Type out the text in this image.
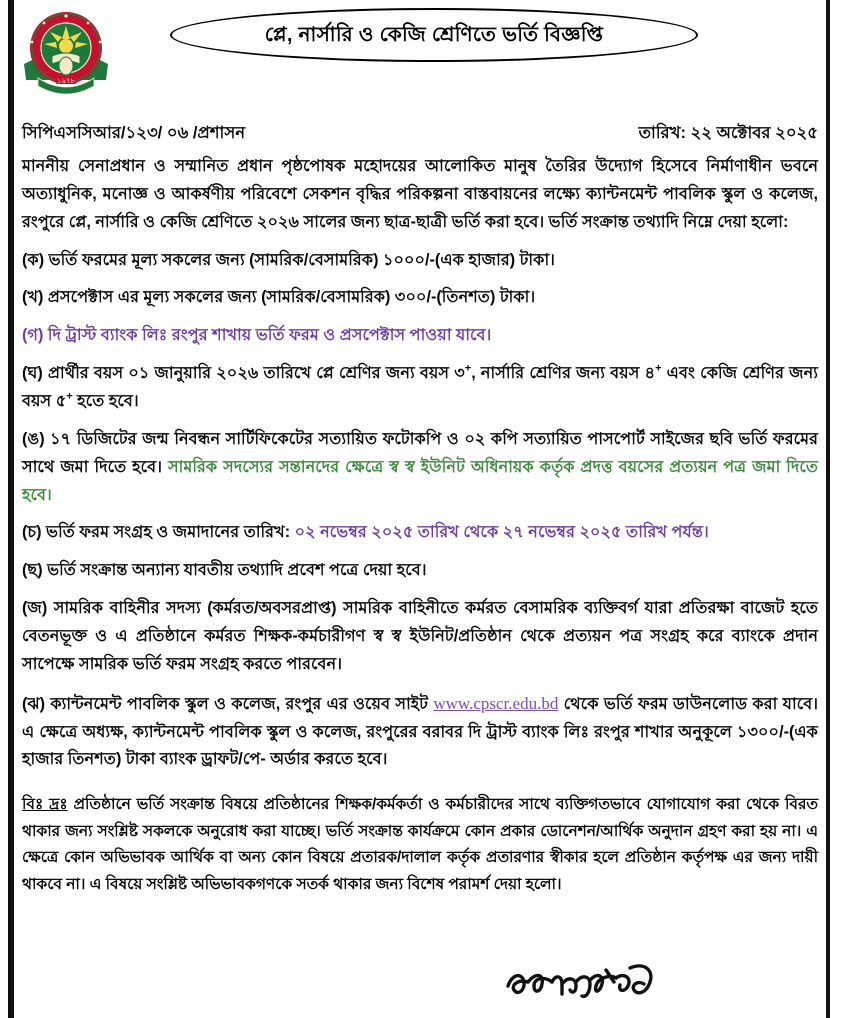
১৯৭৮
প্লে, নার্সারি ও কেজি শ্রেণিতে ভর্তি বিজ্ঞপ্তি
সিপিএসসিআর/১২৩/ ০৬ /প্রশাসন	তারিখ: ২২ অক্টোবর ২০২৫

মাননীয় সেনাপ্রধান ও সম্মানিত প্রধান পৃষ্ঠপোষক মহোদয়ের আলোকিত মানুষ তৈরির উদ্যোগ হিসেবে নির্মাণাধীন ভবনে অত্যাধুনিক, মনোজ্ঞ ও আকর্ষণীয় পরিবেশে সেকশন বৃদ্ধির পরিকল্পনা বাস্তবায়নের লক্ষ্যে ক্যান্টনমেন্ট পাবলিক স্কুল ও কলেজ, রংপুরে প্লে, নার্সারি ও কেজি শ্রেণিতে ২০২৬ সালের জন্য ছাত্র-ছাত্রী ভর্তি করা হবে। ভর্তি সংক্রান্ত তথ্যাদি নিম্নে দেয়া হলো:

(ক) ভর্তি ফরমের মূল্য সকলের জন্য (সামরিক/বেসামরিক) ১০০০/-(এক হাজার) টাকা।

(খ) প্রসপেক্টাস এর মূল্য সকলের জন্য (সামরিক/বেসামরিক) ৩০০/-(তিনশত) টাকা।

(গ) দি ট্রাস্ট ব্যাংক লিঃ রংপুর শাখায় ভর্তি ফরম ও প্রসপেক্টাস পাওয়া যাবে।

(ঘ) প্রার্থীর বয়স ০১ জানুয়ারি ২০২৬ তারিখে প্লে শ্রেণির জন্য বয়স ৩+, নার্সারি শ্রেণির জন্য বয়স ৪+ এবং কেজি শ্রেণির জন্য বয়স ৫+ হতে হবে।

(ঙ) ১৭ ডিজিটের জন্ম নিবন্ধন সার্টিফিকেটের সত্যায়িত ফটোকপি ও ০২ কপি সত্যায়িত পাসপোর্ট সাইজের ছবি ভর্তি ফরমের সাথে জমা দিতে হবে। সামরিক সদস্যের সন্তানদের ক্ষেত্রে স্ব স্ব ইউনিট অধিনায়ক কর্তৃক প্রদত্ত বয়সের প্রত্যয়ন পত্র জমা দিতে হবে।

(চ) ভর্তি ফরম সংগ্রহ ও জমাদানের তারিখ: ০২ নভেম্বর ২০২৫ তারিখ থেকে ২৭ নভেম্বর ২০২৫ তারিখ পর্যন্ত।

(ছ) ভর্তি সংক্রান্ত অন্যান্য যাবতীয় তথ্যাদি প্রবেশ পত্রে দেয়া হবে।

(জ) সামরিক বাহিনীর সদস্য (কর্মরত/অবসরপ্রাপ্ত) সামরিক বাহিনীতে কর্মরত বেসামরিক ব্যক্তিবর্গ যারা প্রতিরক্ষা বাজেট হতে বেতনভূক্ত ও এ প্রতিষ্ঠানে কর্মরত শিক্ষক-কর্মচারীগণ স্ব স্ব ইউনিট/প্রতিষ্ঠান থেকে প্রত্যয়ন পত্র সংগ্রহ করে ব্যাংকে প্রদান সাপেক্ষে সামরিক ভর্তি ফরম সংগ্রহ করতে পারবেন।

(ঝ) ক্যান্টনমেন্ট পাবলিক স্কুল ও কলেজ, রংপুর এর ওয়েব সাইট www.cpscr.edu.bd থেকে ভর্তি ফরম ডাউনলোড করা যাবে। এ ক্ষেত্রে অধ্যক্ষ, ক্যান্টনমেন্ট পাবলিক স্কুল ও কলেজ, রংপুরের বরাবর দি ট্রাস্ট ব্যাংক লিঃ রংপুর শাখার অনুকূলে ১৩০০/-(এক হাজার তিনশত) টাকা ব্যাংক ড্রাফট/পে- অর্ডার করতে হবে।

বিঃ দ্রঃ প্রতিষ্ঠানে ভর্তি সংক্রান্ত বিষয়ে প্রতিষ্ঠানের শিক্ষক/কর্মকর্তা ও কর্মচারীদের সাথে ব্যক্তিগতভাবে যোগাযোগ করা থেকে বিরত থাকার জন্য সংশ্লিষ্ট সকলকে অনুরোধ করা যাচ্ছে। ভর্তি সংক্রান্ত কার্যক্রমে কোন প্রকার ডোনেশন/আর্থিক অনুদান গ্রহণ করা হয় না। এ ক্ষেত্রে কোন অভিভাবক আর্থিক বা অন্য কোন বিষয়ে প্রতারক/দালাল কর্তৃক প্রতারণার স্বীকার হলে প্রতিষ্ঠান কর্তৃপক্ষ এর জন্য দায়ী থাকবে না। এ বিষয়ে সংশ্লিষ্ট অভিভাবকগণকে সতর্ক থাকার জন্য বিশেষ পরামর্শ দেয়া হলো।
